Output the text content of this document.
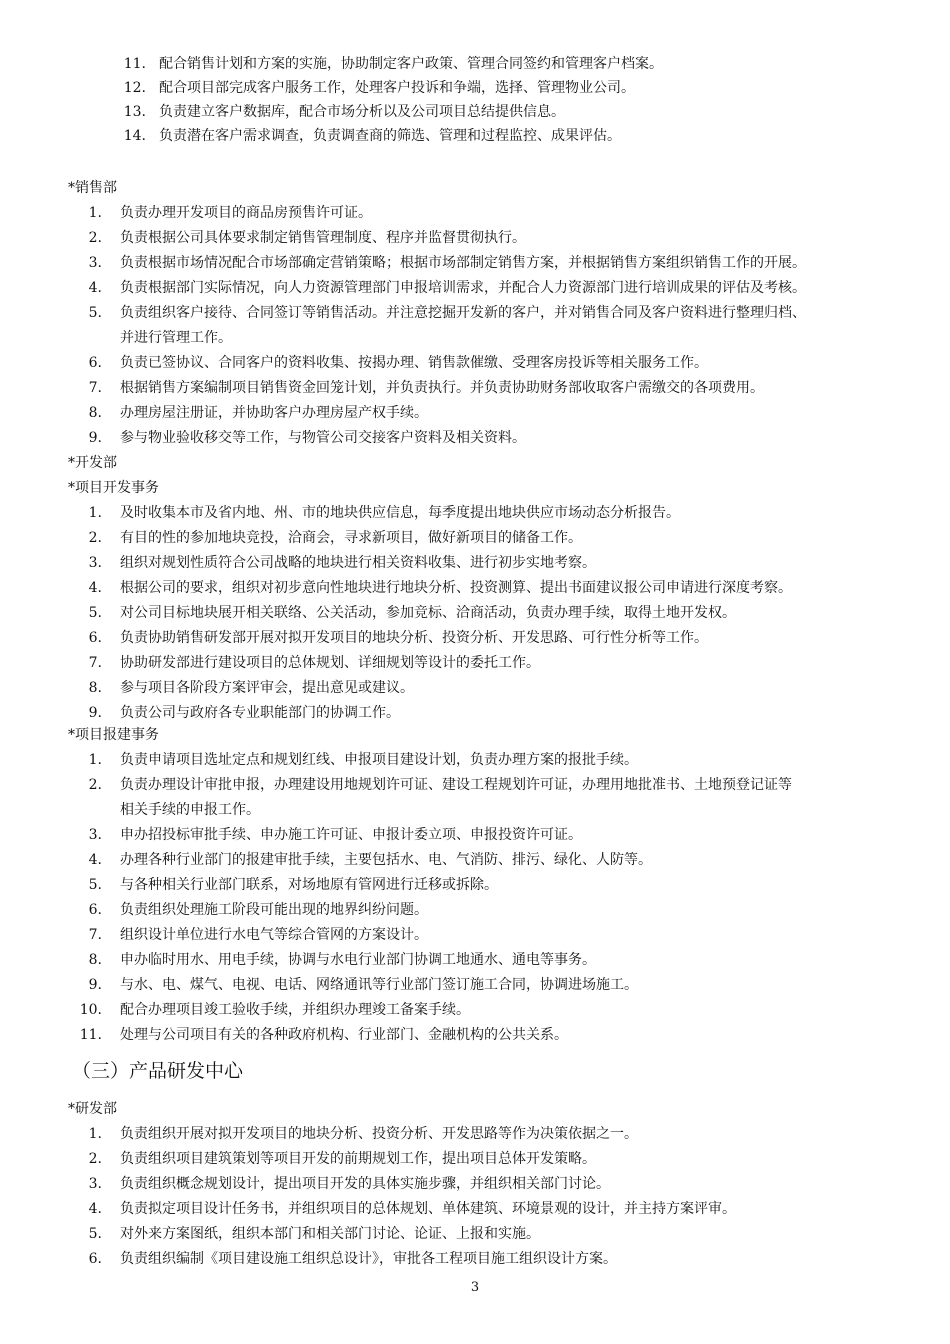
11. 配合销售计划和方案的实施，协助制定客户政策、管理合同签约和管理客户档案。
12. 配合项目部完成客户服务工作，处理客户投诉和争端，选择、管理物业公司。
13. 负责建立客户数据库，配合市场分析以及公司项目总结提供信息。
14. 负责潜在客户需求调查，负责调查商的筛选、管理和过程监控、成果评估。
*销售部
1. 负责办理开发项目的商品房预售许可证。
2. 负责根据公司具体要求制定销售管理制度、程序并监督贯彻执行。
3. 负责根据市场情况配合市场部确定营销策略；根据市场部制定销售方案，并根据销售方案组织销售工作的开展。
4. 负责根据部门实际情况，向人力资源管理部门申报培训需求，并配合人力资源部门进行培训成果的评估及考核。
5. 负责组织客户接待、合同签订等销售活动。并注意挖掘开发新的客户，并对销售合同及客户资料进行整理归档、
并进行管理工作。
6. 负责已签协议、合同客户的资料收集、按揭办理、销售款催缴、受理客房投诉等相关服务工作。
7. 根据销售方案编制项目销售资金回笼计划，并负责执行。并负责协助财务部收取客户需缴交的各项费用。
8. 办理房屋注册证，并协助客户办理房屋产权手续。
9. 参与物业验收移交等工作，与物管公司交接客户资料及相关资料。
*开发部
*项目开发事务
1. 及时收集本市及省内地、州、市的地块供应信息，每季度提出地块供应市场动态分析报告。
2. 有目的性的参加地块竞投，洽商会，寻求新项目，做好新项目的储备工作。
3. 组织对规划性质符合公司战略的地块进行相关资料收集、进行初步实地考察。
4. 根据公司的要求，组织对初步意向性地块进行地块分析、投资测算、提出书面建议报公司申请进行深度考察。
5. 对公司目标地块展开相关联络、公关活动，参加竞标、洽商活动，负责办理手续，取得土地开发权。
6. 负责协助销售研发部开展对拟开发项目的地块分析、投资分析、开发思路、可行性分析等工作。
7. 协助研发部进行建设项目的总体规划、详细规划等设计的委托工作。
8. 参与项目各阶段方案评审会，提出意见或建议。
9. 负责公司与政府各专业职能部门的协调工作。
*项目报建事务
1. 负责申请项目选址定点和规划红线、申报项目建设计划，负责办理方案的报批手续。
2. 负责办理设计审批申报，办理建设用地规划许可证、建设工程规划许可证，办理用地批准书、土地预登记证等
相关手续的申报工作。
3. 申办招投标审批手续、申办施工许可证、申报计委立项、申报投资许可证。
4. 办理各种行业部门的报建审批手续，主要包括水、电、气消防、排污、绿化、人防等。
5. 与各种相关行业部门联系，对场地原有管网进行迁移或拆除。
6. 负责组织处理施工阶段可能出现的地界纠纷问题。
7. 组织设计单位进行水电气等综合管网的方案设计。
8. 申办临时用水、用电手续，协调与水电行业部门协调工地通水、通电等事务。
9. 与水、电、煤气、电视、电话、网络通讯等行业部门签订施工合同，协调进场施工。
10. 配合办理项目竣工验收手续，并组织办理竣工备案手续。
11. 处理与公司项目有关的各种政府机构、行业部门、金融机构的公共关系。
（三）产品研发中心
*研发部
1. 负责组织开展对拟开发项目的地块分析、投资分析、开发思路等作为决策依据之一。
2. 负责组织项目建筑策划等项目开发的前期规划工作，提出项目总体开发策略。
3. 负责组织概念规划设计，提出项目开发的具体实施步骤，并组织相关部门讨论。
4. 负责拟定项目设计任务书，并组织项目的总体规划、单体建筑、环境景观的设计，并主持方案评审。
5. 对外来方案图纸，组织本部门和相关部门讨论、论证、上报和实施。
6. 负责组织编制《项目建设施工组织总设计》，审批各工程项目施工组织设计方案。
3
